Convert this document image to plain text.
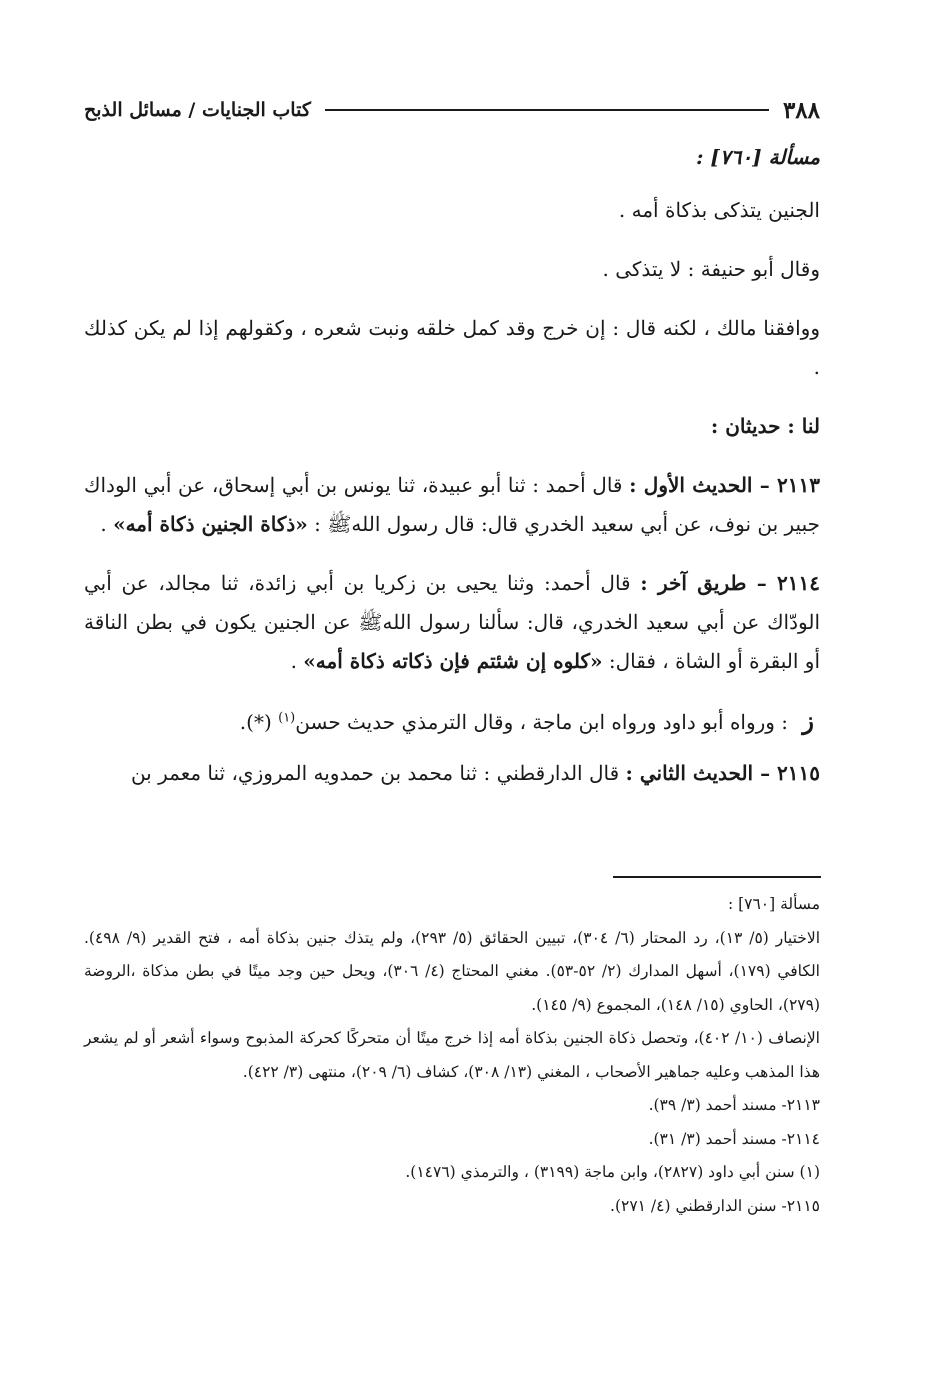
٣٨٨
كتاب الجنايات / مسائل الذبح

مسألة [٧٦٠] :

الجنين يتذكى بذكاة أمه .

وقال أبو حنيفة : لا يتذكى .

ووافقنا مالك ، لكنه قال : إن خرج وقد كمل خلقه ونبت شعره ، وكقولهم إذا لم يكن كذلك .

لنا : حديثان :

٢١١٣ – الحديث الأول : قال أحمد : ثنا أبو عبيدة، ثنا يونس بن أبي إسحاق، عن أبي الوداك جبير بن نوف، عن أبي سعيد الخدري قال: قال رسول اللهﷺ : «ذكاة الجنين ذكاة أمه» .

٢١١٤ – طريق آخر : قال أحمد: وثنا يحيى بن زكريا بن أبي زائدة، ثنا مجالد، عن أبي الودّاك عن أبي سعيد الخدري، قال: سألنا رسول اللهﷺ عن الجنين يكون في بطن الناقة أو البقرة أو الشاة ، فقال: «كلوه إن شئتم فإن ذكاته ذكاة أمه» .

ز : ورواه أبو داود ورواه ابن ماجة ، وقال الترمذي حديث حسن$^{(١)}$ (*).

٢١١٥ – الحديث الثاني : قال الدارقطني : ثنا محمد بن حمدويه المروزي، ثنا معمر بن

مسألة [٧٦٠] :

الاختيار (٥/ ١٣)، رد المحتار (٦/ ٣٠٤)، تبيين الحقائق (٥/ ٢٩٣)، ولم يتذك جنين بذكاة أمه ، فتح القدير (٩/ ٤٩٨). الكافي (١٧٩)، أسهل المدارك (٢/ ٥٢-٥٣). مغني المحتاج (٤/ ٣٠٦)، ويحل حين وجد ميتًا في بطن مذكاة ،الروضة (٢٧٩)، الحاوي (١٥/ ١٤٨)، المجموع (٩/ ١٤٥).

الإنصاف (١٠/ ٤٠٢)، وتحصل ذكاة الجنين بذكاة أمه إذا خرج ميتًا أن متحركًا كحركة المذبوح وسواء أشعر أو لم يشعر هذا المذهب وعليه جماهير الأصحاب ، المغني (١٣/ ٣٠٨)، كشاف (٦/ ٢٠٩)، منتهى (٣/ ٤٢٢).

٢١١٣- مسند أحمد (٣/ ٣٩).

٢١١٤- مسند أحمد (٣/ ٣١).

(١) سنن أبي داود (٢٨٢٧)، وابن ماجة (٣١٩٩) ، والترمذي (١٤٧٦).

٢١١٥- سنن الدارقطني (٤/ ٢٧١).
